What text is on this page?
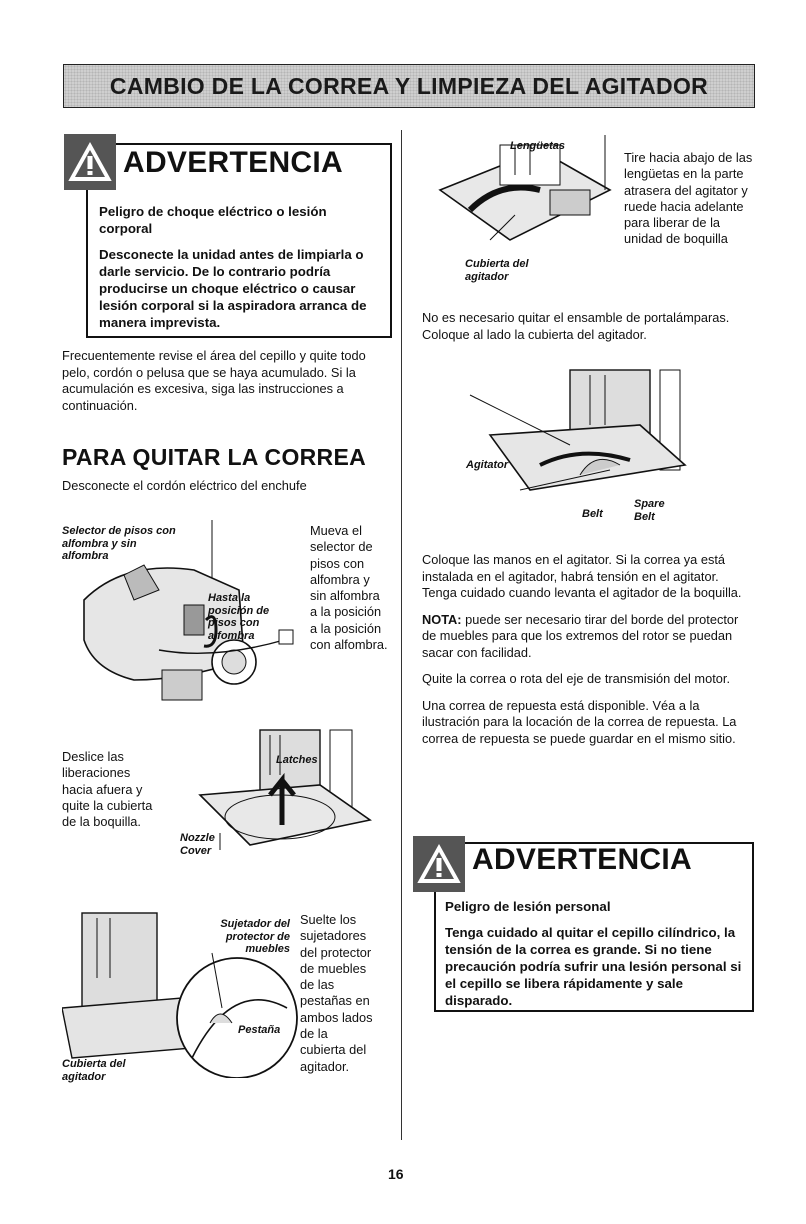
CAMBIO DE LA CORREA Y LIMPIEZA DEL AGITADOR
ADVERTENCIA

Peligro de choque eléctrico o lesión corporal

Desconecte la unidad antes de limpiarla o darle servicio. De lo contrario podría producirse un choque eléctrico o causar lesión corporal si la aspiradora arranca de manera imprevista.

Frecuentemente revise el área del cepillo y quite todo pelo, cordón o pelusa que se haya acumulado. Si la acumulación es excesiva, siga las instrucciones a continuación.

PARA QUITAR LA CORREA
Desconecte el cordón eléctrico del enchufe
Selector de pisos con alfombra y sin alfombra
Hasta la posición de pisos con alfombra
Mueva el selector de pisos con alfombra y sin alfombra a la posición a la posición con alfombra.
Deslice las liberaciones hacia afuera y quite la cubierta de la boquilla.
Latches
Nozzle Cover
Sujetador del protector de muebles
Pestaña
Cubierta del agitador
Suelte los sujetadores del protector de muebles de las pestañas en ambos lados de la cubierta del agitador.
Lengüetas
Cubierta del agitador
Tire hacia abajo de las lengüetas en la parte atrasera del agitator y ruede hacia adelante para liberar de la unidad de boquilla
No es necesario quitar el ensamble de portalámparas. Coloque al lado la cubierta del agitador.
Agitator
Belt
Spare Belt

Coloque las manos en el agitator. Si la correa ya está instalada en el agitador, habrá tensión en el agitator. Tenga cuidado cuando levanta el agitador de la boquilla.

NOTA: puede ser necesario tirar del borde del protector de muebles para que los extremos del rotor se puedan sacar con facilidad.

Quite la correa o rota del eje de transmisión del motor.

Una correa de repuesta está disponible. Véa a la ilustración para la locación de la correa de repuesta. La correa de repuesta se puede guardar en el mismo sitio.

ADVERTENCIA

Peligro de lesión personal

Tenga cuidado al quitar el cepillo cilíndrico, la tensión de la correa es grande. Si no tiene precaución podría sufrir una lesión personal si el cepillo se libera rápidamente y sale disparado.

16
